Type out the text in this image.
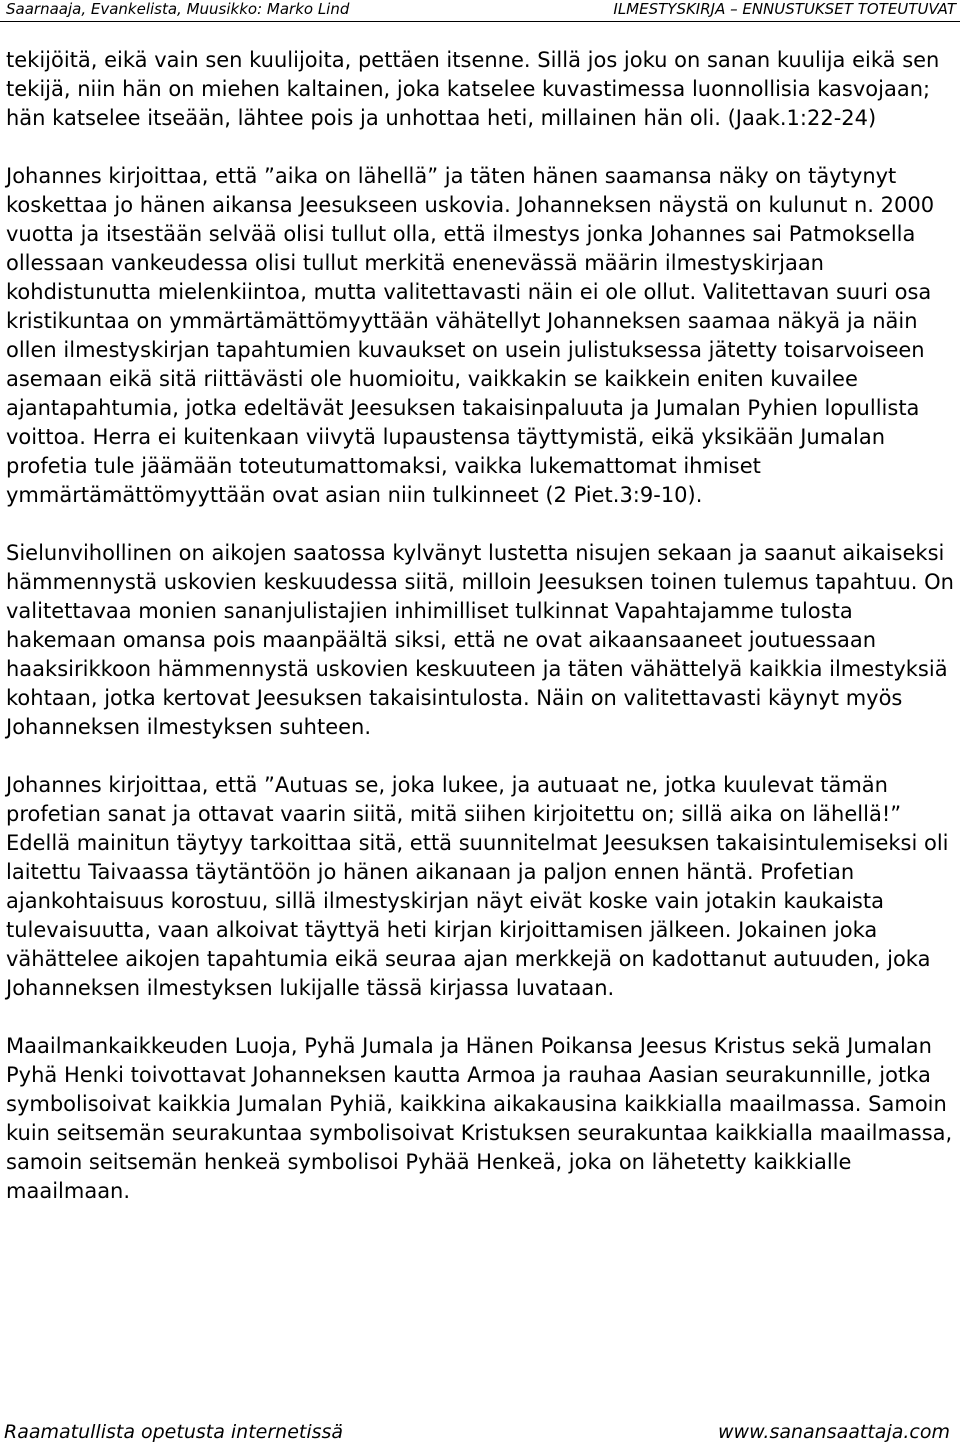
Saarnaaja, Evankelista, Muusikko: Marko Lind	ILMESTYSKIRJA – ENNUSTUKSET TOTEUTUVAT

tekijöitä, eikä vain sen kuulijoita, pettäen itsenne. Sillä jos joku on sanan kuulija eikä sen tekijä, niin hän on miehen kaltainen, joka katselee kuvastimessa luonnollisia kasvojaan; hän katselee itseään, lähtee pois ja unhottaa heti, millainen hän oli. (Jaak.1:22-24)

Johannes kirjoittaa, että ”aika on lähellä” ja täten hänen saamansa näky on täytynyt koskettaa jo hänen aikansa Jeesukseen uskovia. Johanneksen näystä on kulunut n. 2000 vuotta ja itsestään selvää olisi tullut olla, että ilmestys jonka Johannes sai Patmoksella ollessaan vankeudessa olisi tullut merkitä enenevässä määrin ilmestyskirjaan kohdistunutta mielenkiintoa, mutta valitettavasti näin ei ole ollut. Valitettavan suuri osa kristikuntaa on ymmärtämättömyyttään vähätellyt Johanneksen saamaa näkyä ja näin ollen ilmestyskirjan tapahtumien kuvaukset on usein julistuksessa jätetty toisarvoiseen asemaan eikä sitä riittävästi ole huomioitu, vaikkakin se kaikkein eniten kuvailee ajantapahtumia, jotka edeltävät Jeesuksen takaisinpaluuta ja Jumalan Pyhien lopullista voittoa. Herra ei kuitenkaan viivytä lupaustensa täyttymistä, eikä yksikään Jumalan profetia tule jäämään toteutumattomaksi, vaikka lukemattomat ihmiset ymmärtämättömyyttään ovat asian niin tulkinneet (2 Piet.3:9-10).

Sielunvihollinen on aikojen saatossa kylvänyt lustetta nisujen sekaan ja saanut aikaiseksi hämmennystä uskovien keskuudessa siitä, milloin Jeesuksen toinen tulemus tapahtuu. On valitettavaa monien sananjulistajien inhimilliset tulkinnat Vapahtajamme tulosta hakemaan omansa pois maanpäältä siksi, että ne ovat aikaansaaneet joutuessaan haaksirikkoon hämmennystä uskovien keskuuteen ja täten vähättelyä kaikkia ilmestyksiä kohtaan, jotka kertovat Jeesuksen takaisintulosta. Näin on valitettavasti käynyt myös Johanneksen ilmestyksen suhteen.

Johannes kirjoittaa, että ”Autuas se, joka lukee, ja autuaat ne, jotka kuulevat tämän profetian sanat ja ottavat vaarin siitä, mitä siihen kirjoitettu on; sillä aika on lähellä!” Edellä mainitun täytyy tarkoittaa sitä, että suunnitelmat Jeesuksen takaisintulemiseksi oli laitettu Taivaassa täytäntöön jo hänen aikanaan ja paljon ennen häntä. Profetian ajankohtaisuus korostuu, sillä ilmestyskirjan näyt eivät koske vain jotakin kaukaista tulevaisuutta, vaan alkoivat täyttyä heti kirjan kirjoittamisen jälkeen. Jokainen joka vähättelee aikojen tapahtumia eikä seuraa ajan merkkejä on kadottanut autuuden, joka Johanneksen ilmestyksen lukijalle tässä kirjassa luvataan.

Maailmankaikkeuden Luoja, Pyhä Jumala ja Hänen Poikansa Jeesus Kristus sekä Jumalan Pyhä Henki toivottavat Johanneksen kautta Armoa ja rauhaa Aasian seurakunnille, jotka symbolisoivat kaikkia Jumalan Pyhiä, kaikkina aikakausina kaikkialla maailmassa. Samoin kuin seitsemän seurakuntaa symbolisoivat Kristuksen seurakuntaa kaikkialla maailmassa, samoin seitsemän henkeä symbolisoi Pyhää Henkeä, joka on lähetetty kaikkialle maailmaan.

Raamatullista opetusta internetissä	www.sanansaattaja.com
